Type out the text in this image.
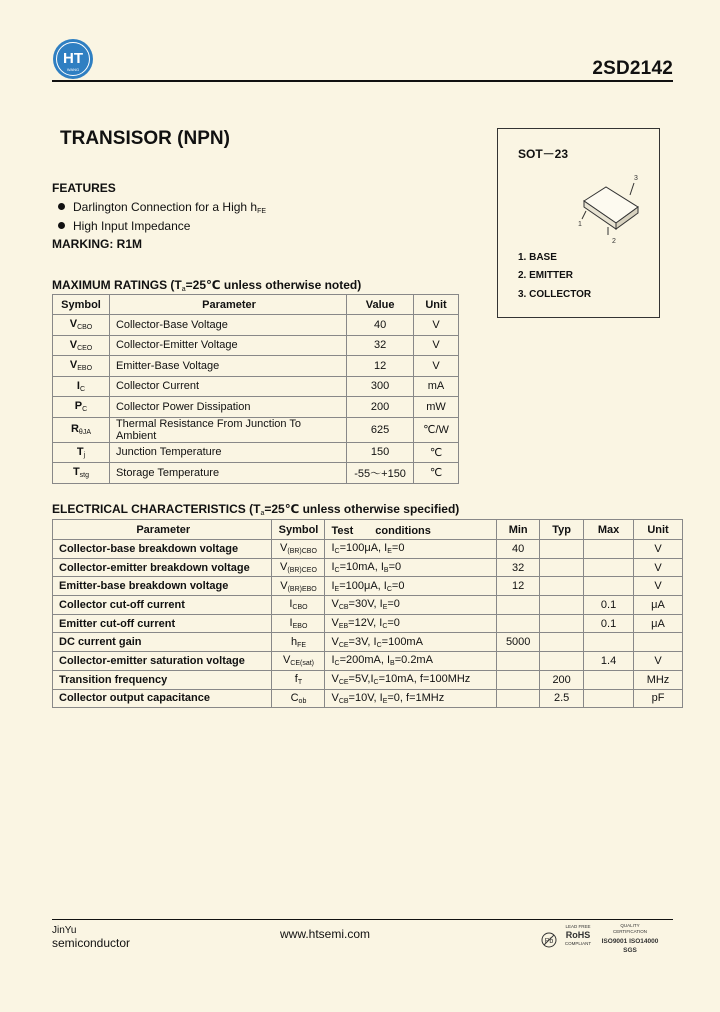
HT
WANG	2SD2142
TRANSISOR (NPN)
SOT－23
3
1
2
1. BASE
2. EMITTER
3. COLLECTOR
FEATURES
Darlington Connection for a High $h_{FE}$
High Input Impedance
MARKING: R1M
MAXIMUM RATINGS ($T_a=25℃$ unless otherwise noted)
Symbol	Parameter	Value	Unit
$V_{CBO}$	Collector-Base Voltage	40	V
$V_{CEO}$	Collector-Emitter Voltage	32	V
$V_{EBO}$	Emitter-Base Voltage	12	V
$I_C$	Collector Current	300	mA
$P_C$	Collector Power Dissipation	200	mW
$R_{\theta JA}$	Thermal Resistance From Junction To Ambient	625	℃/W
$T_j$	Junction Temperature	150	℃
$T_{stg}$	Storage Temperature	-55～+150	℃
ELECTRICAL CHARACTERISTICS ($T_a=25℃$ unless otherwise specified)
Parameter	Symbol	Test　　conditions	Min	Typ	Max	Unit
Collector-base breakdown voltage	$V_{(BR)CBO}$	$I_C=100\mu A$, $I_E=0$	40			V
Collector-emitter breakdown voltage	$V_{(BR)CEO}$	$I_C=10mA$, $I_B=0$	32			V
Emitter-base breakdown voltage	$V_{(BR)EBO}$	$I_E=100\mu A$, $I_C=0$	12			V
Collector cut-off current	$I_{CBO}$	$V_{CB}=30V$, $I_E=0$			0.1	μA
Emitter cut-off current	$I_{EBO}$	$V_{EB}=12V$, $I_C=0$			0.1	μA
DC current gain	$h_{FE}$	$V_{CE}=3V$, $I_C=100mA$	5000			
Collector-emitter saturation voltage	$V_{CE(sat)}$	$I_C=200mA$, $I_B=0.2mA$			1.4	V
Transition frequency	$f_T$	$V_{CE}=5V,I_C=10mA$, f=100MHz		200		MHz
Collector output capacitance	$C_{ob}$	$V_{CB}=10V$, $I_E=0$, f=1MHz		2.5		pF
JinYu
semiconductor
www.htsemi.com
Pb
LEAD FREE
RoHS
COMPLIANT
QUALITY
CERTIFICATION
ISO9001 ISO14000
SGS
